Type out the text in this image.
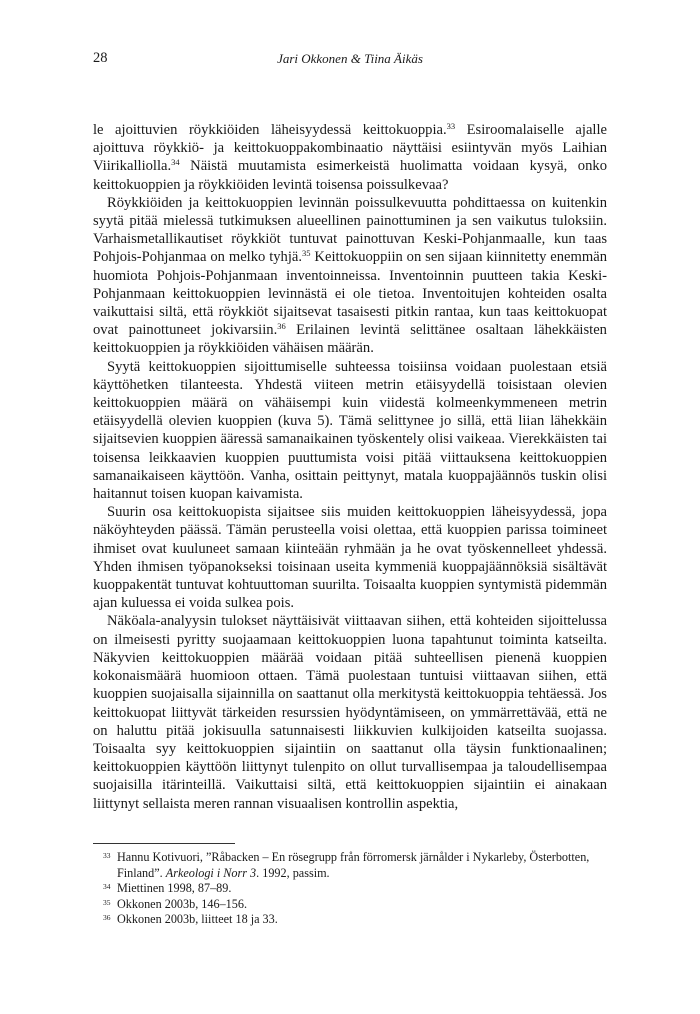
28	Jari Okkonen & Tiina Äikäs

le ajoittuvien röykkiöiden läheisyydessä keittokuoppia.$^{33}$ Esiroomalaiselle ajalle ajoittuva röykkiö- ja keittokuoppakombinaatio näyttäisi esiintyvän myös Laihian Viirikalliolla.$^{34}$ Näistä muutamista esimerkeistä huolimatta voidaan kysyä, onko keittokuoppien ja röykkiöiden levintä toisensa poissulkevaa?

Röykkiöiden ja keittokuoppien levinnän poissulkevuutta pohdittaessa on kuitenkin syytä pitää mielessä tutkimuksen alueellinen painottuminen ja sen vaikutus tuloksiin. Varhaismetallikautiset röykkiöt tuntuvat painottuvan Keski-Pohjanmaalle, kun taas Pohjois-Pohjanmaa on melko tyhjä.$^{35}$ Keittokuoppiin on sen sijaan kiinnitetty enemmän huomiota Pohjois-Pohjanmaan inventoinneissa. Inventoinnin puutteen takia Keski-Pohjanmaan keittokuoppien levinnästä ei ole tietoa. Inventoitujen kohteiden osalta vaikuttaisi siltä, että röykkiöt sijaitsevat tasaisesti pitkin rantaa, kun taas keittokuopat ovat painottuneet jokivarsiin.$^{36}$ Erilainen levintä selittänee osaltaan lähekkäisten keittokuoppien ja röykkiöiden vähäisen määrän.

Syytä keittokuoppien sijoittumiselle suhteessa toisiinsa voidaan puolestaan etsiä käyttöhetken tilanteesta. Yhdestä viiteen metrin etäisyydellä toisistaan olevien keittokuoppien määrä on vähäisempi kuin viidestä kolmeenkymmeneen metrin etäisyydellä olevien kuoppien (kuva 5). Tämä selittynee jo sillä, että liian lähekkäin sijaitsevien kuoppien ääressä samanaikainen työskentely olisi vaikeaa. Vierekkäisten tai toisensa leikkaavien kuoppien puuttumista voisi pitää viittauksena keittokuoppien samanaikaiseen käyttöön. Vanha, osittain peittynyt, matala kuoppajäännös tuskin olisi haitannut toisen kuopan kaivamista.

Suurin osa keittokuopista sijaitsee siis muiden keittokuoppien läheisyydessä, jopa näköyhteyden päässä. Tämän perusteella voisi olettaa, että kuoppien parissa toimineet ihmiset ovat kuuluneet samaan kiinteään ryhmään ja he ovat työskennelleet yhdessä. Yhden ihmisen työpanokseksi toisinaan useita kymmeniä kuoppajäännöksiä sisältävät kuoppakentät tuntuvat kohtuuttoman suurilta. Toisaalta kuoppien syntymistä pidemmän ajan kuluessa ei voida sulkea pois.

Näköala-analyysin tulokset näyttäisivät viittaavan siihen, että kohteiden sijoittelussa on ilmeisesti pyritty suojaamaan keittokuoppien luona tapahtunut toiminta katseilta. Näkyvien keittokuoppien määrää voidaan pitää suhteellisen pienenä kuoppien kokonaismäärä huomioon ottaen. Tämä puolestaan tuntuisi viittaavan siihen, että kuoppien suojaisalla sijainnilla on saattanut olla merkitystä keittokuoppia tehtäessä. Jos keittokuopat liittyvät tärkeiden resurssien hyödyntämiseen, on ymmärrettävää, että ne on haluttu pitää jokisuulla satunnaisesti liikkuvien kulkijoiden katseilta suojassa. Toisaalta syy keittokuoppien sijaintiin on saattanut olla täysin funktionaalinen; keittokuoppien käyttöön liittynyt tulenpito on ollut turvallisempaa ja taloudellisempaa suojaisilla itärinteillä. Vaikuttaisi siltä, että keittokuoppien sijaintiin ei ainakaan liittynyt sellaista meren rannan visuaalisen kontrollin aspektia,

33 Hannu Kotivuori, ”Råbacken – En rösegrupp från förromersk järnålder i Nykarleby, Österbotten, Finland”. Arkeologi i Norr 3. 1992, passim.
34 Miettinen 1998, 87–89.
35 Okkonen 2003b, 146–156.
36 Okkonen 2003b, liitteet 18 ja 33.
